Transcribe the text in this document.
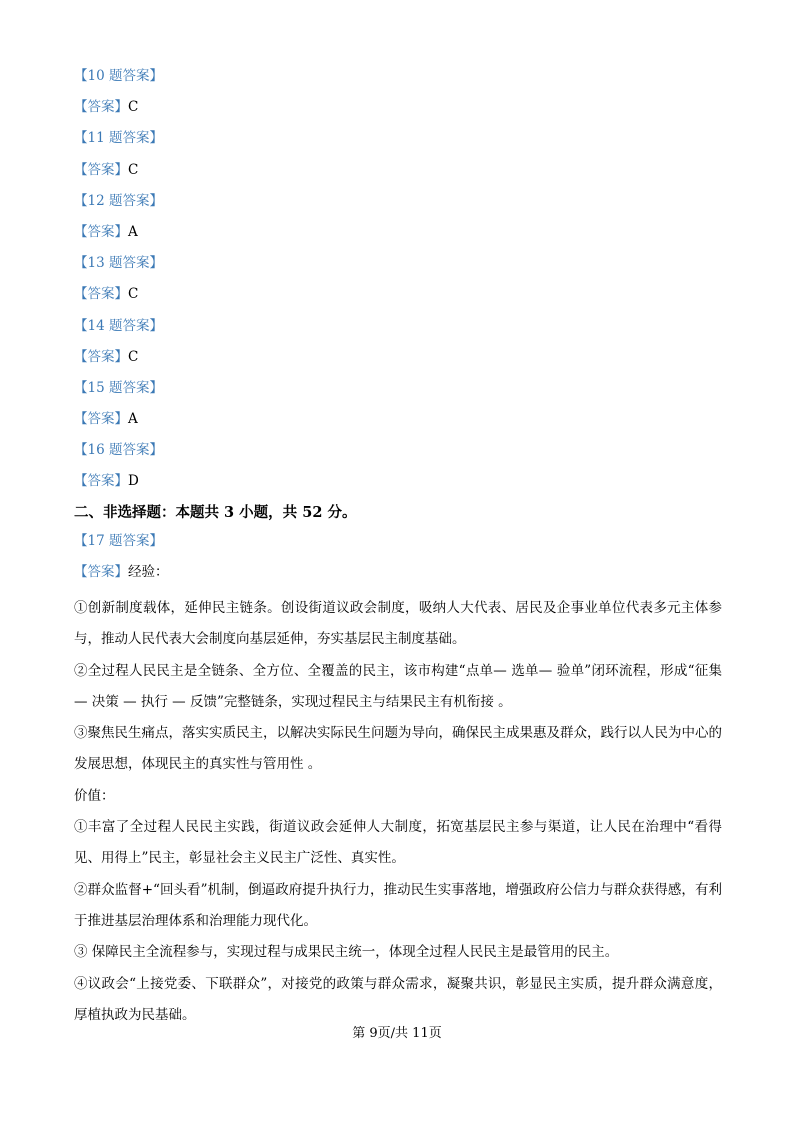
【10 题答案】
【答案】C
【11 题答案】
【答案】C
【12 题答案】
【答案】A
【13 题答案】
【答案】C
【14 题答案】
【答案】C
【15 题答案】
【答案】A
【16 题答案】
【答案】D
二、非选择题：本题共 3 小题，共 52 分。
【17 题答案】
【答案】经验：
①创新制度载体，延伸民主链条。创设街道议政会制度，吸纳人大代表、居民及企事业单位代表多元主体参与，推动人民代表大会制度向基层延伸，夯实基层民主制度基础。
②全过程人民民主是全链条、全方位、全覆盖的民主，该市构建“点单— 选单— 验单”闭环流程，形成“征集 — 决策 — 执行 — 反馈”完整链条，实现过程民主与结果民主有机衔接 。
③聚焦民生痛点，落实实质民主，以解决实际民生问题为导向，确保民主成果惠及群众，践行以人民为中心的发展思想，体现民主的真实性与管用性 。
价值：
①丰富了全过程人民民主实践，街道议政会延伸人大制度，拓宽基层民主参与渠道，让人民在治理中“看得见、用得上”民主，彰显社会主义民主广泛性、真实性。
②群众监督+“回头看”机制，倒逼政府提升执行力，推动民生实事落地，增强政府公信力与群众获得感，有利于推进基层治理体系和治理能力现代化。
③ 保障民主全流程参与，实现过程与成果民主统一，体现全过程人民民主是最管用的民主。
④议政会“上接党委、下联群众”，对接党的政策与群众需求，凝聚共识，彰显民主实质，提升群众满意度，厚植执政为民基础。
第 9页/共 11页
